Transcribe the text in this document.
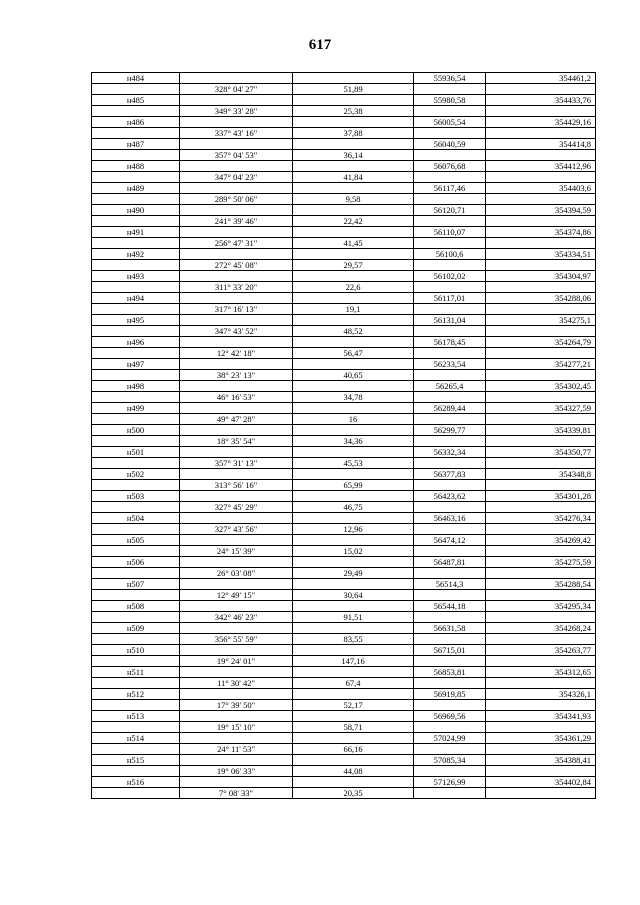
617
н484			55936,54	354461,2
	328° 04' 27"	51,89		
н485			55980,58	354433,76
	349° 33' 28"	25,38		
н486			56005,54	354429,16
	337° 43' 16"	37,88		
н487			56040,59	354414,8
	357° 04' 53"	36,14		
н488			56076,68	354412,96
	347° 04' 23"	41,84		
н489			56117,46	354403,6
	289° 50' 06"	9,58		
н490			56120,71	354394,59
	241° 39' 46"	22,42		
н491			56110,07	354374,86
	256° 47' 31"	41,45		
н492			56100,6	354334,51
	272° 45' 08"	29,57		
н493			56102,02	354304,97
	311° 33' 20"	22,6		
н494			56117,01	354288,06
	317° 16' 13"	19,1		
н495			56131,04	354275,1
	347° 43' 52"	48,52		
н496			56178,45	354264,79
	12° 42' 18"	56,47		
н497			56233,54	354277,21
	38° 23' 13"	40,65		
н498			56265,4	354302,45
	46° 16' 53"	34,78		
н499			56289,44	354327,59
	49° 47' 28"	16		
н500			56299,77	354339,81
	18° 35' 54"	34,36		
н501			56332,34	354350,77
	357° 31' 13"	45,53		
н502			56377,83	354348,8
	313° 56' 16"	65,99		
н503			56423,62	354301,28
	327° 45' 29"	46,75		
н504			56463,16	354276,34
	327° 43' 56"	12,96		
н505			56474,12	354269,42
	24° 15' 39"	15,02		
н506			56487,81	354275,59
	26° 03' 08"	29,49		
н507			56514,3	354288,54
	12° 49' 15"	30,64		
н508			56544,18	354295,34
	342° 46' 23"	91,51		
н509			56631,58	354268,24
	356° 55' 59"	83,55		
н510			56715,01	354263,77
	19° 24' 01"	147,16		
н511			56853,81	354312,65
	11° 30' 42"	67,4		
н512			56919,85	354326,1
	17° 39' 50"	52,17		
н513			56969,56	354341,93
	19° 15' 10"	58,71		
н514			57024,99	354361,29
	24° 11' 53"	66,16		
н515			57085,34	354388,41
	19° 06' 33"	44,08		
н516			57126,99	354402,84
	7° 08' 33"	20,35		
